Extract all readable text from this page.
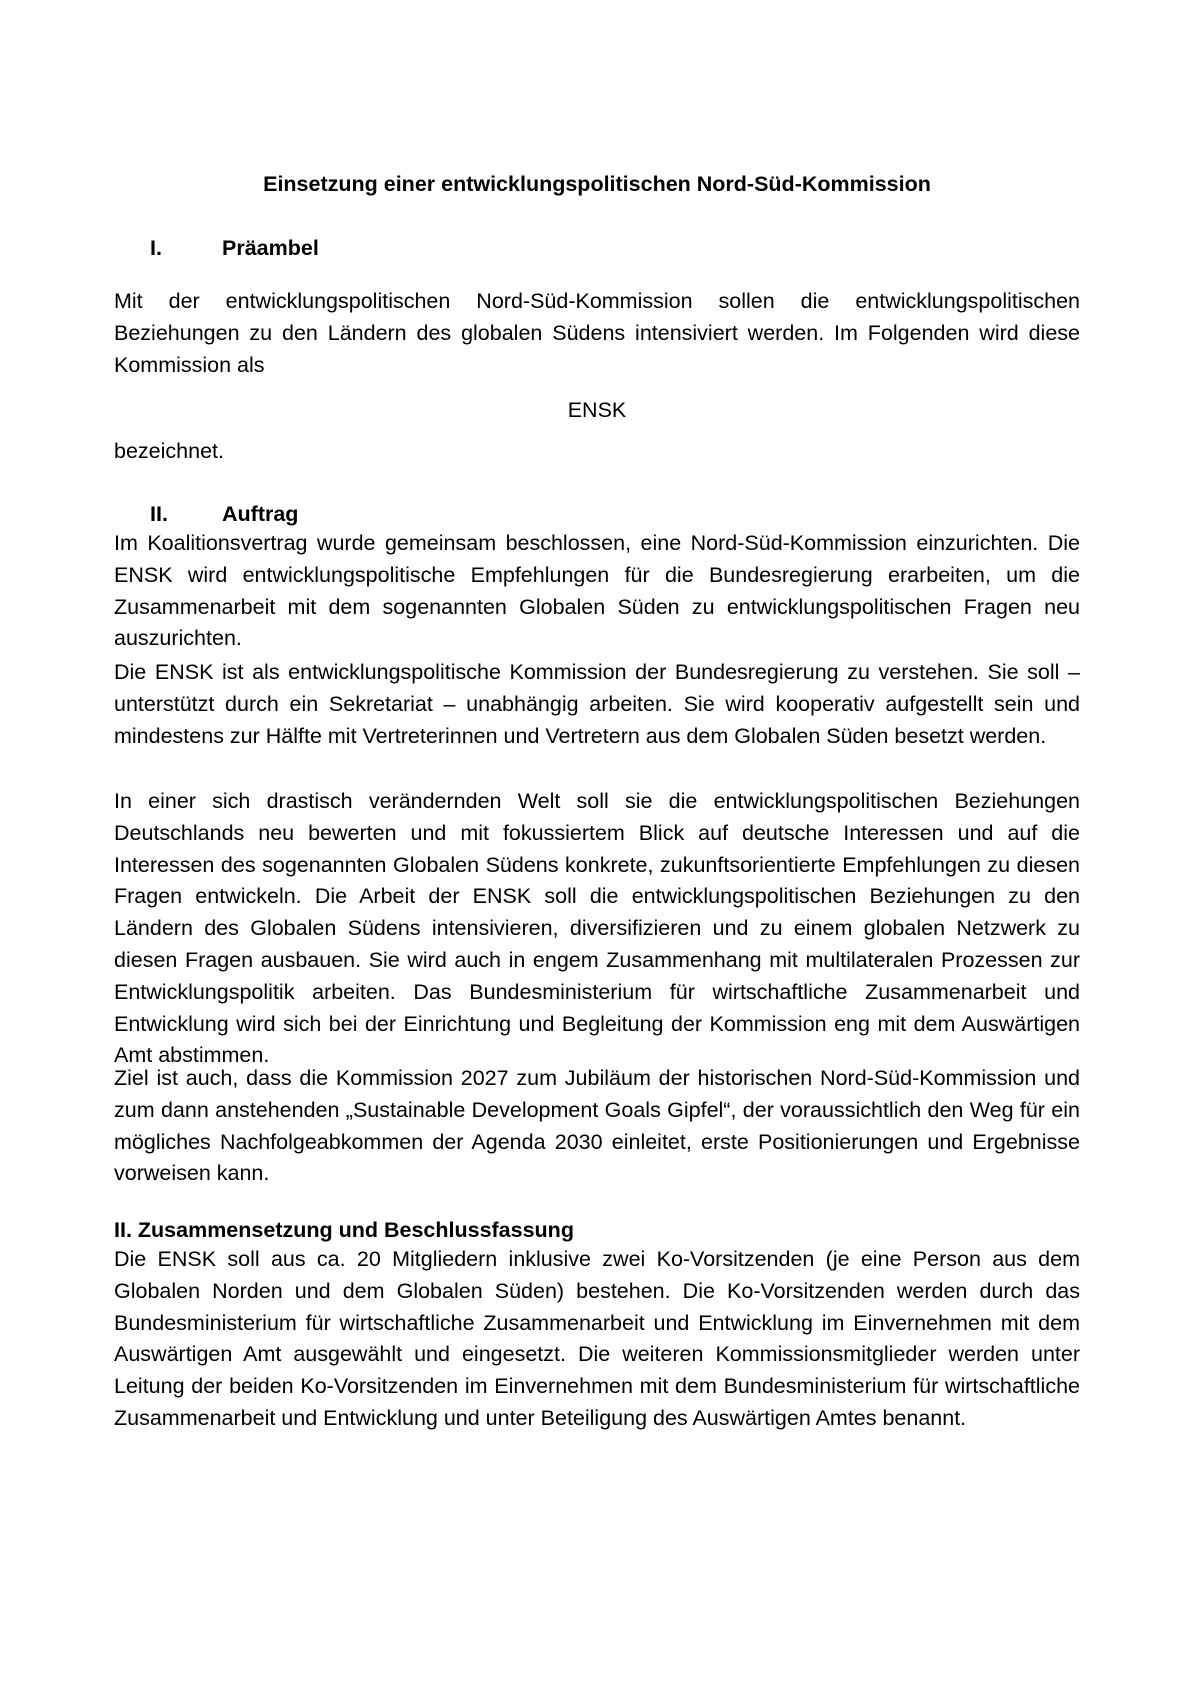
Einsetzung einer entwicklungspolitischen Nord-Süd-Kommission
I.	Präambel

Mit der entwicklungspolitischen Nord-Süd-Kommission sollen die entwicklungspolitischen Beziehungen zu den Ländern des globalen Südens intensiviert werden. Im Folgenden wird diese Kommission als

ENSK

bezeichnet.

II.	Auftrag

Im Koalitionsvertrag wurde gemeinsam beschlossen, eine Nord-Süd-Kommission einzurichten. Die ENSK wird entwicklungspolitische Empfehlungen für die Bundesregierung erarbeiten, um die Zusammenarbeit mit dem sogenannten Globalen Süden zu entwicklungspolitischen Fragen neu auszurichten.

Die ENSK ist als entwicklungspolitische Kommission der Bundesregierung zu verstehen. Sie soll – unterstützt durch ein Sekretariat – unabhängig arbeiten. Sie wird kooperativ aufgestellt sein und mindestens zur Hälfte mit Vertreterinnen und Vertretern aus dem Globalen Süden besetzt werden.

In einer sich drastisch verändernden Welt soll sie die entwicklungspolitischen Beziehungen Deutschlands neu bewerten und mit fokussiertem Blick auf deutsche Interessen und auf die Interessen des sogenannten Globalen Südens konkrete, zukunftsorientierte Empfehlungen zu diesen Fragen entwickeln. Die Arbeit der ENSK soll die entwicklungspolitischen Beziehungen zu den Ländern des Globalen Südens intensivieren, diversifizieren und zu einem globalen Netzwerk zu diesen Fragen ausbauen. Sie wird auch in engem Zusammenhang mit multilateralen Prozessen zur Entwicklungspolitik arbeiten. Das Bundesministerium für wirtschaftliche Zusammenarbeit und Entwicklung wird sich bei der Einrichtung und Begleitung der Kommission eng mit dem Auswärtigen Amt abstimmen.

Ziel ist auch, dass die Kommission 2027 zum Jubiläum der historischen Nord-Süd-Kommission und zum dann anstehenden „Sustainable Development Goals Gipfel“, der voraussichtlich den Weg für ein mögliches Nachfolgeabkommen der Agenda 2030 einleitet, erste Positionierungen und Ergebnisse vorweisen kann.

II. Zusammensetzung und Beschlussfassung

Die ENSK soll aus ca. 20 Mitgliedern inklusive zwei Ko-Vorsitzenden (je eine Person aus dem Globalen Norden und dem Globalen Süden) bestehen. Die Ko-Vorsitzenden werden durch das Bundesministerium für wirtschaftliche Zusammenarbeit und Entwicklung im Einvernehmen mit dem Auswärtigen Amt ausgewählt und eingesetzt. Die weiteren Kommissionsmitglieder werden unter Leitung der beiden Ko-Vorsitzenden im Einvernehmen mit dem Bundesministerium für wirtschaftliche Zusammenarbeit und Entwicklung und unter Beteiligung des Auswärtigen Amtes benannt.
